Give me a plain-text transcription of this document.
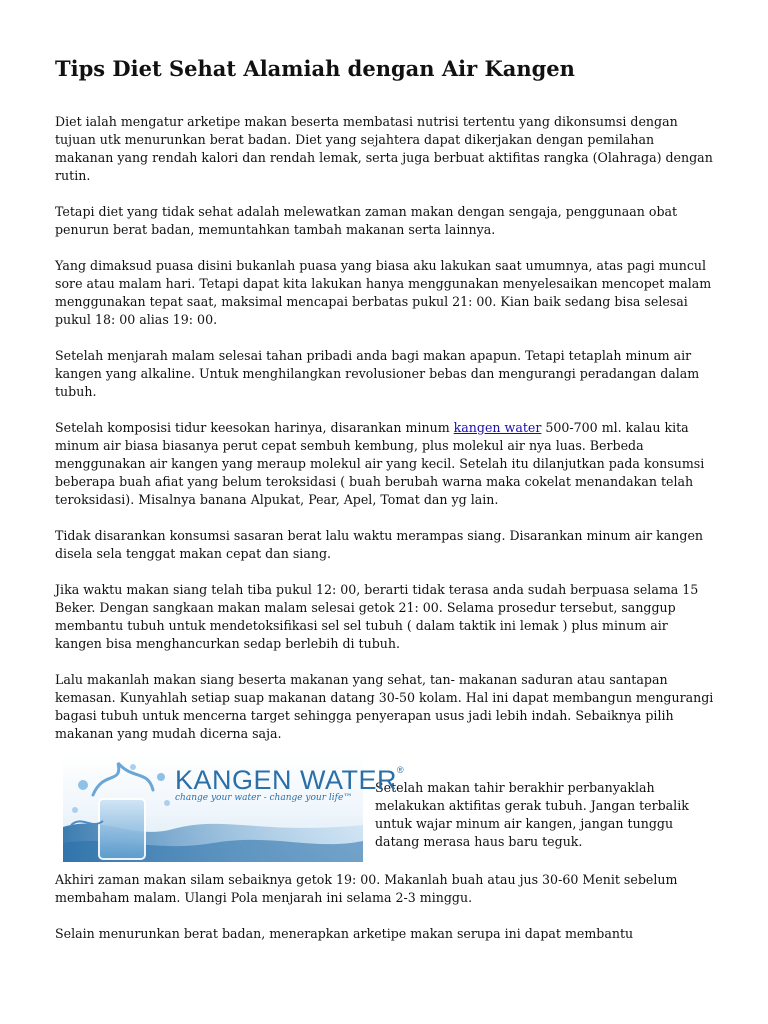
Tips Diet Sehat Alamiah dengan Air Kangen

Diet ialah mengatur arketipe makan beserta membatasi nutrisi tertentu yang dikonsumsi dengan tujuan utk menurunkan berat badan. Diet yang sejahtera dapat dikerjakan dengan pemilahan makanan yang rendah kalori dan rendah lemak, serta juga berbuat aktifitas rangka (Olahraga) dengan rutin.

Tetapi diet yang tidak sehat adalah melewatkan zaman makan dengan sengaja, penggunaan obat penurun berat badan, memuntahkan tambah makanan serta lainnya.

Yang dimaksud puasa disini bukanlah puasa yang biasa aku lakukan saat umumnya, atas pagi muncul sore atau malam hari. Tetapi dapat kita lakukan hanya menggunakan menyelesaikan mencopet malam menggunakan tepat saat, maksimal mencapai berbatas pukul 21: 00. Kian baik sedang bisa selesai pukul 18: 00 alias 19: 00.

Setelah menjarah malam selesai tahan pribadi anda bagi makan apapun. Tetapi tetaplah minum air kangen yang alkaline. Untuk menghilangkan revolusioner bebas dan mengurangi peradangan dalam tubuh.

Setelah komposisi tidur keesokan harinya, disarankan minum kangen water 500-700 ml. kalau kita minum air biasa biasanya perut cepat sembuh kembung, plus molekul air nya luas. Berbeda menggunakan air kangen yang meraup molekul air yang kecil. Setelah itu dilanjutkan pada konsumsi beberapa buah afiat yang belum teroksidasi ( buah berubah warna maka cokelat menandakan telah teroksidasi). Misalnya banana Alpukat, Pear, Apel, Tomat dan yg lain.

Tidak disarankan konsumsi sasaran berat lalu waktu merampas siang. Disarankan minum air kangen disela sela tenggat makan cepat dan siang.

Jika waktu makan siang telah tiba pukul 12: 00, berarti tidak terasa anda sudah berpuasa selama 15 Beker. Dengan sangkaan makan malam selesai getok 21: 00. Selama prosedur tersebut, sanggup membantu tubuh untuk mendetoksifikasi sel sel tubuh ( dalam taktik ini lemak ) plus minum air kangen bisa menghancurkan sedap berlebih di tubuh.

Lalu makanlah makan siang beserta makanan yang sehat, tan- makanan saduran atau santapan kemasan. Kunyahlah setiap suap makanan datang 30-50 kolam. Hal ini dapat membangun mengurangi bagasi tubuh untuk mencerna target sehingga penyerapan usus jadi lebih indah. Sebaiknya pilih makanan yang mudah dicerna saja.

KANGEN WATER®
change your water - change your life™

Setelah makan tahir berakhir perbanyaklah melakukan aktifitas gerak tubuh. Jangan terbalik untuk wajar minum air kangen, jangan tunggu datang merasa haus baru teguk.

Akhiri zaman makan silam sebaiknya getok 19: 00. Makanlah buah atau jus 30-60 Menit sebelum membaham malam. Ulangi Pola menjarah ini selama 2-3 minggu.

Selain menurunkan berat badan, menerapkan arketipe makan serupa ini dapat membantu
